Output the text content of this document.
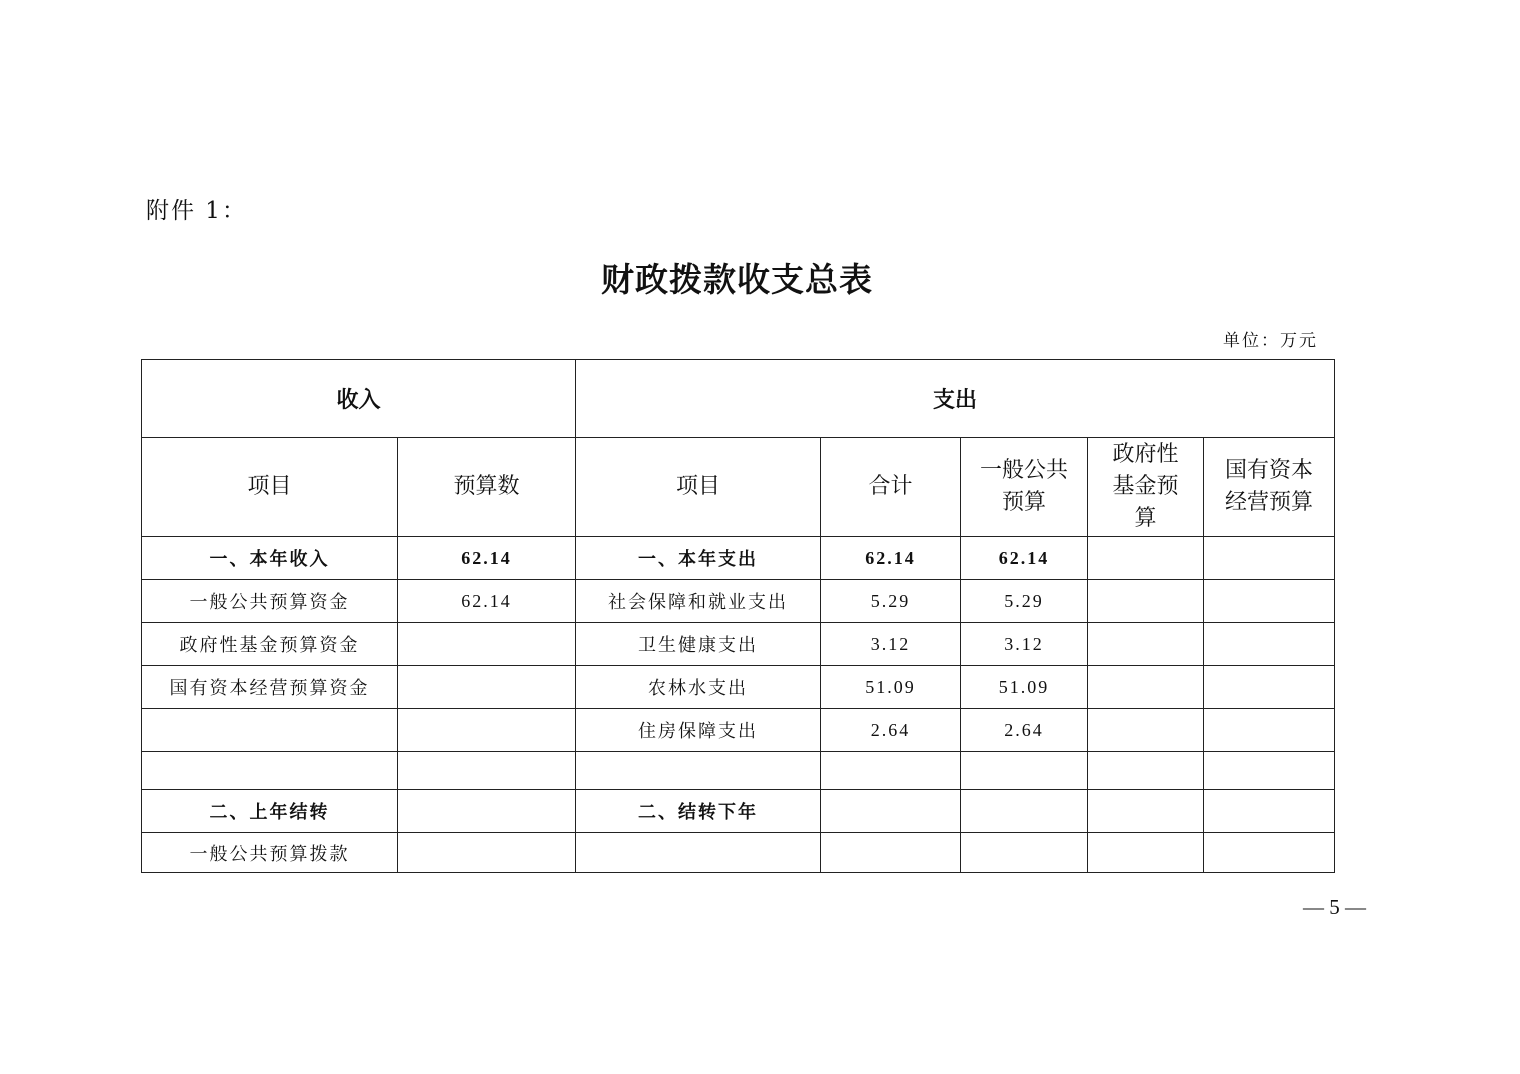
附件 1：
财政拨款收支总表
单位：万元
收入		支出				
项目	预算数	项目	合计	一般公共预算	政府性基金预算	国有资本经营预算

一、本年收入	62.14	一、本年支出	62.14	62.14		
一般公共预算资金	62.14	社会保障和就业支出	5.29	5.29		
政府性基金预算资金		卫生健康支出	3.12	3.12		
国有资本经营预算资金		农林水支出	51.09	51.09		
		住房保障支出	2.64	2.64		

二、上年结转		二、结转下年				
一般公共预算拨款						
— 5 —
